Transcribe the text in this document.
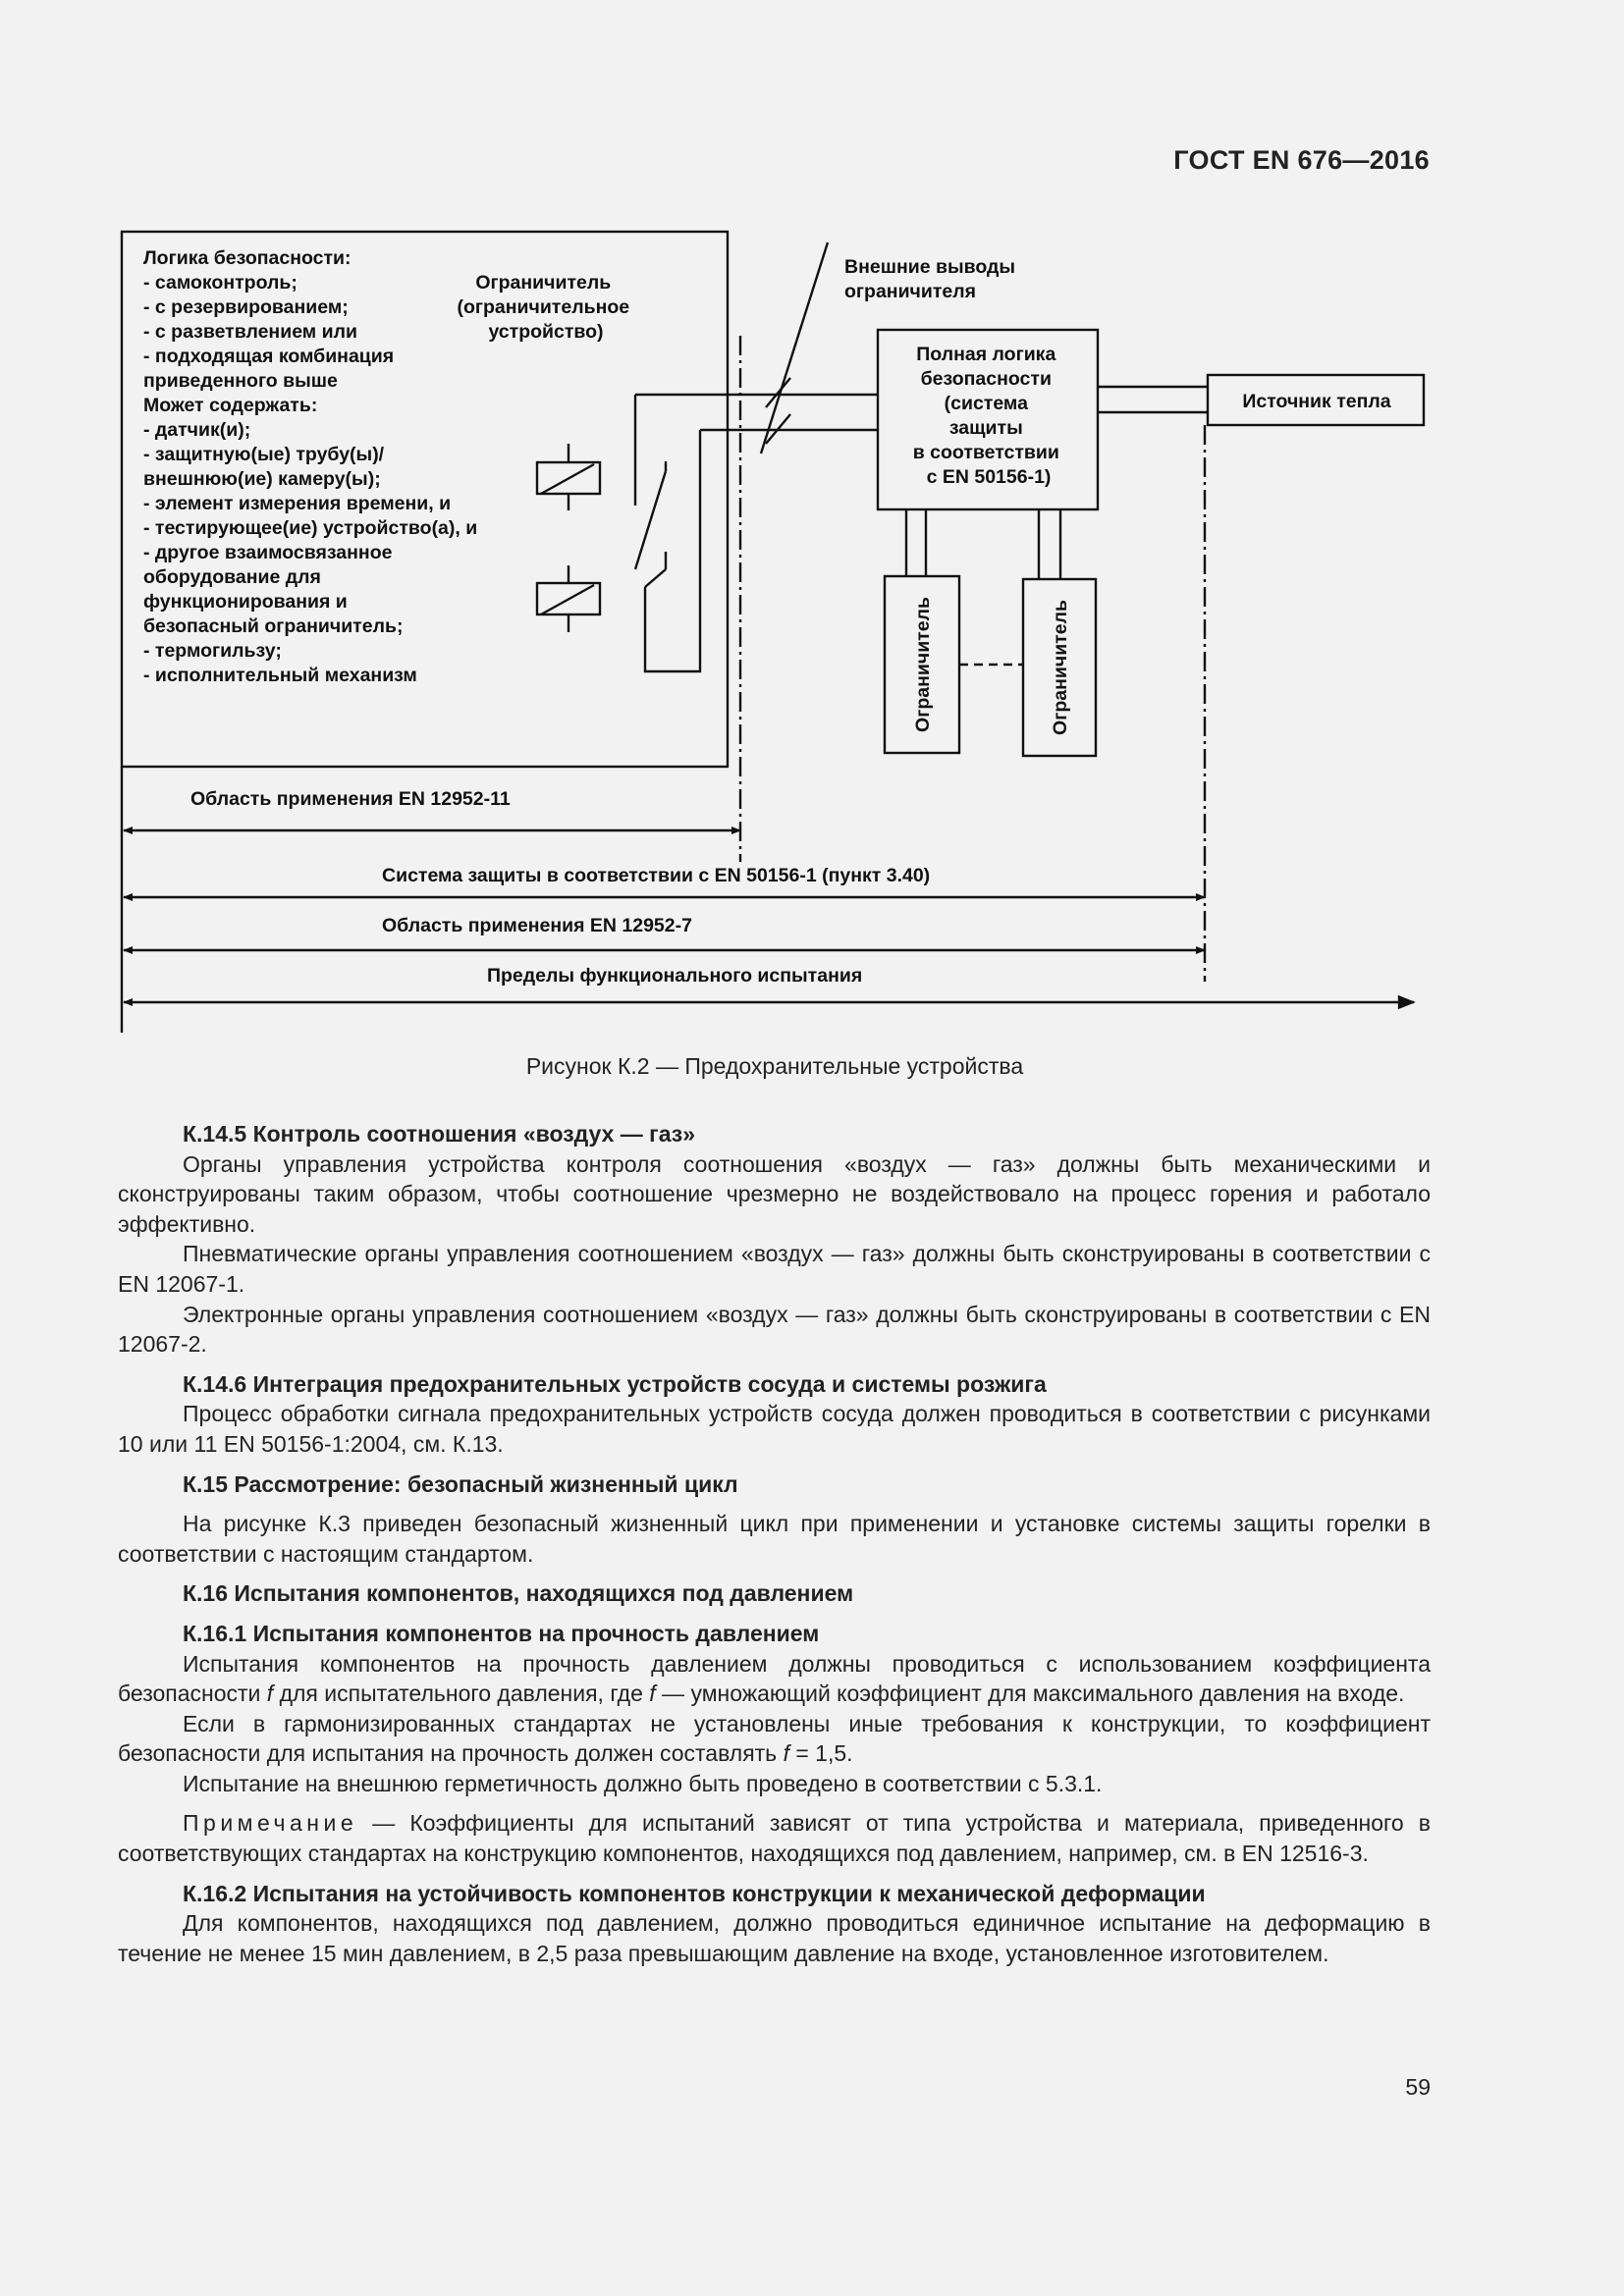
ГОСТ EN 676—2016
Логика безопасности: - самоконтроль; - с резервированием; - с разветвлением или - подходящая комбинация приведенного выше Может содержать: - датчик(и); - защитную(ые) трубу(ы)/ внешнюю(ие) камеру(ы); - элемент измерения времени, и - тестирующее(ие) устройство(а), и - другое взаимосвязанное оборудование для функционирования и безопасный ограничитель; - термогильзу; - исполнительный механизм
Ограничитель (ограничительное устройство)
Внешние выводы ограничителя
Полная логика безопасности (система защиты в соответствии с EN 50156-1)
Источник тепла
Ограничитель	Ограничитель
Область применения EN 12952-11
Система защиты в соответствии с EN 50156-1 (пункт 3.40)
Область применения EN 12952-7
Пределы функционального испытания
Рисунок К.2 — Предохранительные устройства

К.14.5 Контроль соотношения «воздух — газ»

Органы управления устройства контроля соотношения «воздух — газ» должны быть механическими и сконструированы таким образом, чтобы соотношение чрезмерно не воздействовало на процесс горения и работало эффективно.

Пневматические органы управления соотношением «воздух — газ» должны быть сконструированы в соответствии с EN 12067-1.

Электронные органы управления соотношением «воздух — газ» должны быть сконструированы в соответствии с EN 12067-2.

К.14.6 Интеграция предохранительных устройств сосуда и системы розжига

Процесс обработки сигнала предохранительных устройств сосуда должен проводиться в соответствии с рисунками 10 или 11 EN 50156-1:2004, см. К.13.

К.15 Рассмотрение: безопасный жизненный цикл

На рисунке К.3 приведен безопасный жизненный цикл при применении и установке системы защиты горелки в соответствии с настоящим стандартом.

К.16 Испытания компонентов, находящихся под давлением

К.16.1 Испытания компонентов на прочность давлением

Испытания компонентов на прочность давлением должны проводиться с использованием коэффициента безопасности f для испытательного давления, где f — умножающий коэффициент для максимального давления на входе.

Если в гармонизированных стандартах не установлены иные требования к конструкции, то коэффициент безопасности для испытания на прочность должен составлять f = 1,5.

Испытание на внешнюю герметичность должно быть проведено в соответствии с 5.3.1.

Примечание — Коэффициенты для испытаний зависят от типа устройства и материала, приведенного в соответствующих стандартах на конструкцию компонентов, находящихся под давлением, например, см. в EN 12516-3.

К.16.2 Испытания на устойчивость компонентов конструкции к механической деформации

Для компонентов, находящихся под давлением, должно проводиться единичное испытание на деформацию в течение не менее 15 мин давлением, в 2,5 раза превышающим давление на входе, установленное изготовителем.

59
